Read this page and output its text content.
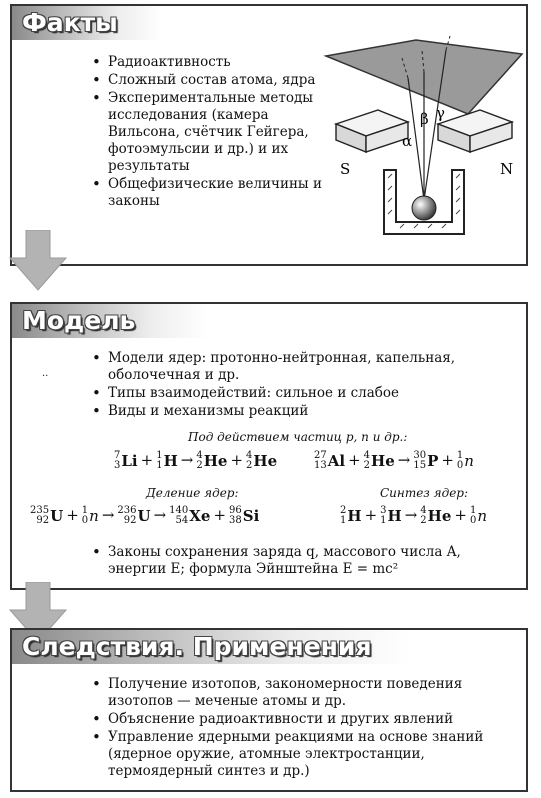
Факты
• Радиоактивность
• Сложный состав атома, ядра
• Экспериментальные методы исследования (камера Вильсона, счётчик Гейгера, фотоэмульсии и др.) и их результаты
• Общефизические величины и законы
S	N
α
β γ
Модель
• Модели ядер: протонно-нейтронная, капельная, оболочечная и др.
• Типы взаимодействий: сильное и слабое
• Виды и механизмы реакций
Под действием частиц p, n и др.:
7
3 Li + 1
1 H → 4
2 He + 4
2 He	27
13 Al + 4
2 He → 30
15 P + 1
0 n
Деление ядер:	Синтез ядер:
235
92 U + 1
0 n → 236
92 U → 140
54 Xe + 96
38 Si	2
1 H + 3
1 H → 4
2 He + 1
0 n
• Законы сохранения заряда q, массового числа A, энергии E; формула Эйнштейна E = mc²
..
Следствия. Применения
• Получение изотопов, закономерности поведения изотопов — меченые атомы и др.
• Объяснение радиоактивности и других явлений
• Управление ядерными реакциями на основе знаний (ядерное оружие, атомные электростанции, термоядерный синтез и др.)
